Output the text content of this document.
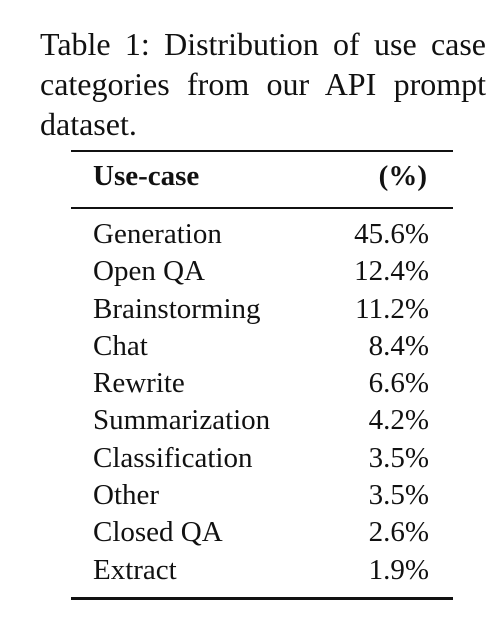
Table 1: Distribution of use case categories from our API prompt dataset.
Use-case	(%)
Generation	45.6%
Open QA	12.4%
Brainstorming	11.2%
Chat	8.4%
Rewrite	6.6%
Summarization	4.2%
Classification	3.5%
Other	3.5%
Closed QA	2.6%
Extract	1.9%
